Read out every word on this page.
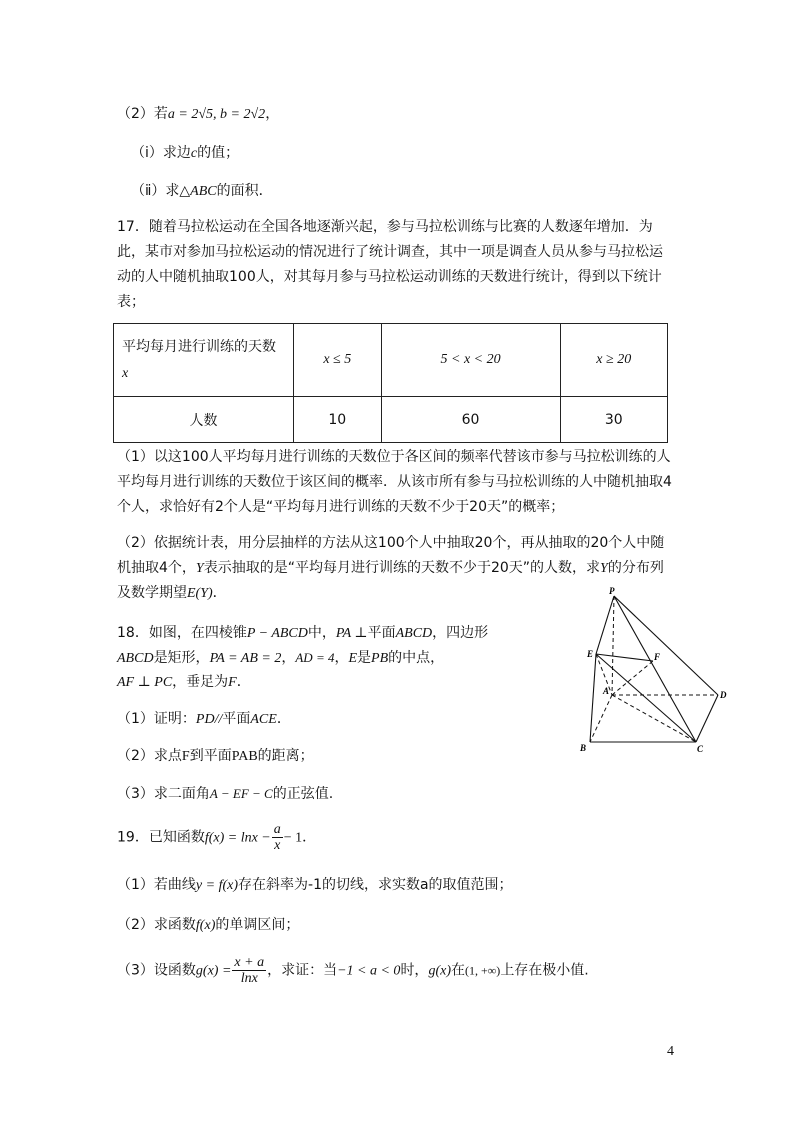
（2）若a = 2√5, b = 2√2，
（ⅰ）求边c的值；
（ⅱ）求△ABC的面积．
17．随着马拉松运动在全国各地逐渐兴起，参与马拉松训练与比赛的人数逐年增加．为此，某市对参加马拉松运动的情况进行了统计调查，其中一项是调查人员从参与马拉松运动的人中随机抽取100人，对其每月参与马拉松运动训练的天数进行统计，得到以下统计表；
平均每月进行训练的天数
x	x ≤ 5	5 < x < 20	x ≥ 20
人数	10	60	30
（1）以这100人平均每月进行训练的天数位于各区间的频率代替该市参与马拉松训练的人平均每月进行训练的天数位于该区间的概率．从该市所有参与马拉松训练的人中随机抽取4个人，求恰好有2个人是“平均每月进行训练的天数不少于20天”的概率；
（2）依据统计表，用分层抽样的方法从这100个人中抽取20个，再从抽取的20个人中随机抽取4个，Y表示抽取的是“平均每月进行训练的天数不少于20天”的人数，求Y的分布列及数学期望E(Y)．
18．如图，在四棱锥P − ABCD中，PA ⊥平面ABCD，四边形
ABCD是矩形，PA = AB = 2，AD = 4，E是PB的中点，
AF ⊥ PC，垂足为F．
（1）证明：PD//平面ACE．
（2）求点F到平面PAB的距离；
（3）求二面角A − EF − C的正弦值.
P
E	F
A	D
B	C
19．已知函数$f(x) = \ln x - \frac{a}{x} - 1$．
（1）若曲线y = f(x)存在斜率为-1的切线，求实数a的取值范围；
（2）求函数f(x)的单调区间；
（3）设函数$g(x) = \frac{x + a}{\ln x}$ ，求证：当−1 < a < 0时，g(x)在(1, +∞)上存在极小值.
4
